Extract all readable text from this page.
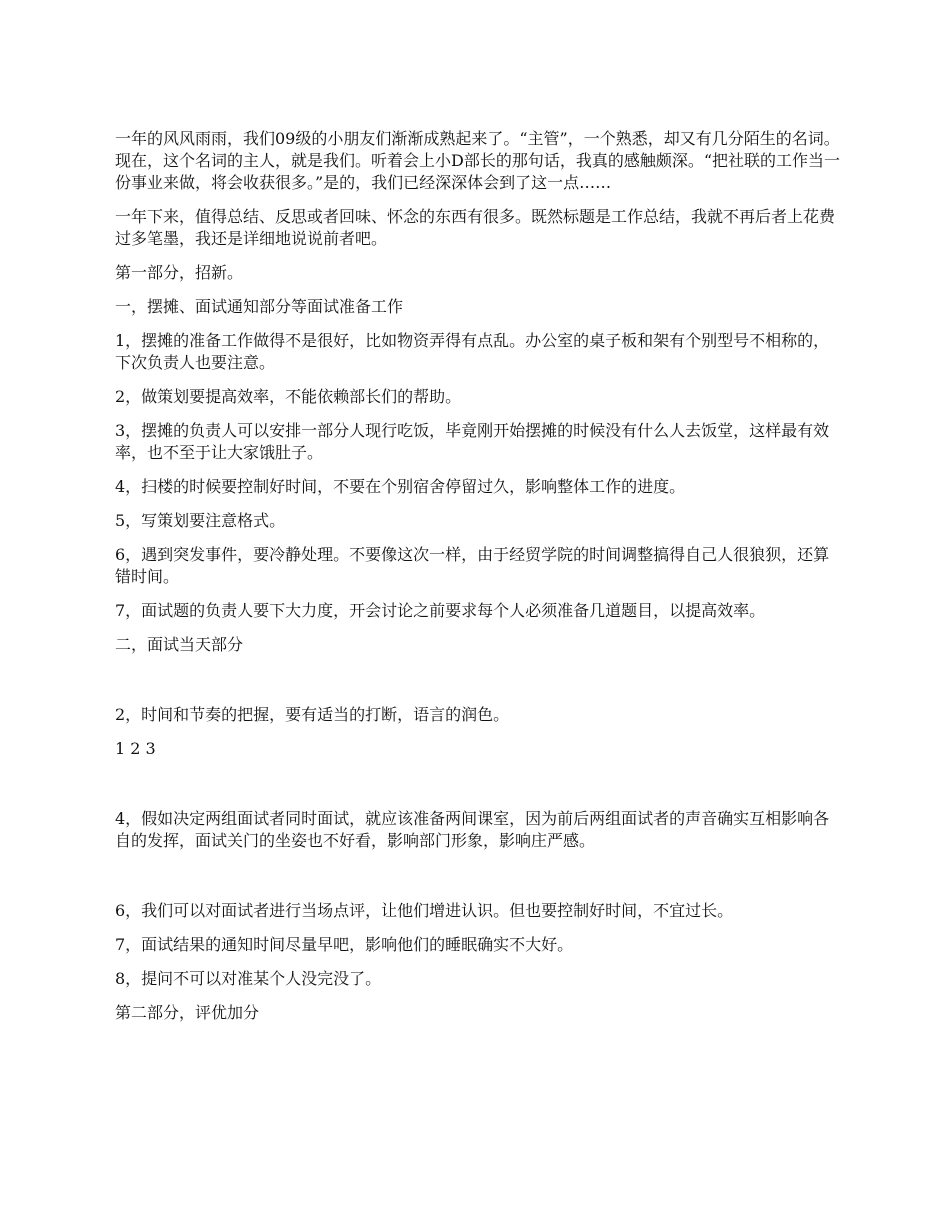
一年的风风雨雨，我们09级的小朋友们渐渐成熟起来了。“主管”，一个熟悉，却又有几分陌生的名词。现在，这个名词的主人，就是我们。听着会上小D部长的那句话，我真的感触颇深。“把社联的工作当一份事业来做，将会收获很多。”是的，我们已经深深体会到了这一点……

一年下来，值得总结、反思或者回味、怀念的东西有很多。既然标题是工作总结，我就不再后者上花费过多笔墨，我还是详细地说说前者吧。

第一部分，招新。

一，摆摊、面试通知部分等面试准备工作

1，摆摊的准备工作做得不是很好，比如物资弄得有点乱。办公室的桌子板和架有个别型号不相称的，下次负责人也要注意。

2，做策划要提高效率，不能依赖部长们的帮助。

3，摆摊的负责人可以安排一部分人现行吃饭，毕竟刚开始摆摊的时候没有什么人去饭堂，这样最有效率，也不至于让大家饿肚子。

4，扫楼的时候要控制好时间，不要在个别宿舍停留过久，影响整体工作的进度。

5，写策划要注意格式。

6，遇到突发事件，要冷静处理。不要像这次一样，由于经贸学院的时间调整搞得自己人很狼狈，还算错时间。

7，面试题的负责人要下大力度，开会讨论之前要求每个人必须准备几道题目，以提高效率。

二，面试当天部分

2，时间和节奏的把握，要有适当的打断，语言的润色。

1 2 3

4，假如决定两组面试者同时面试，就应该准备两间课室，因为前后两组面试者的声音确实互相影响各自的发挥，面试关门的坐姿也不好看，影响部门形象，影响庄严感。

6，我们可以对面试者进行当场点评，让他们增进认识。但也要控制好时间，不宜过长。

7，面试结果的通知时间尽量早吧，影响他们的睡眠确实不大好。

8，提问不可以对准某个人没完没了。

第二部分，评优加分
